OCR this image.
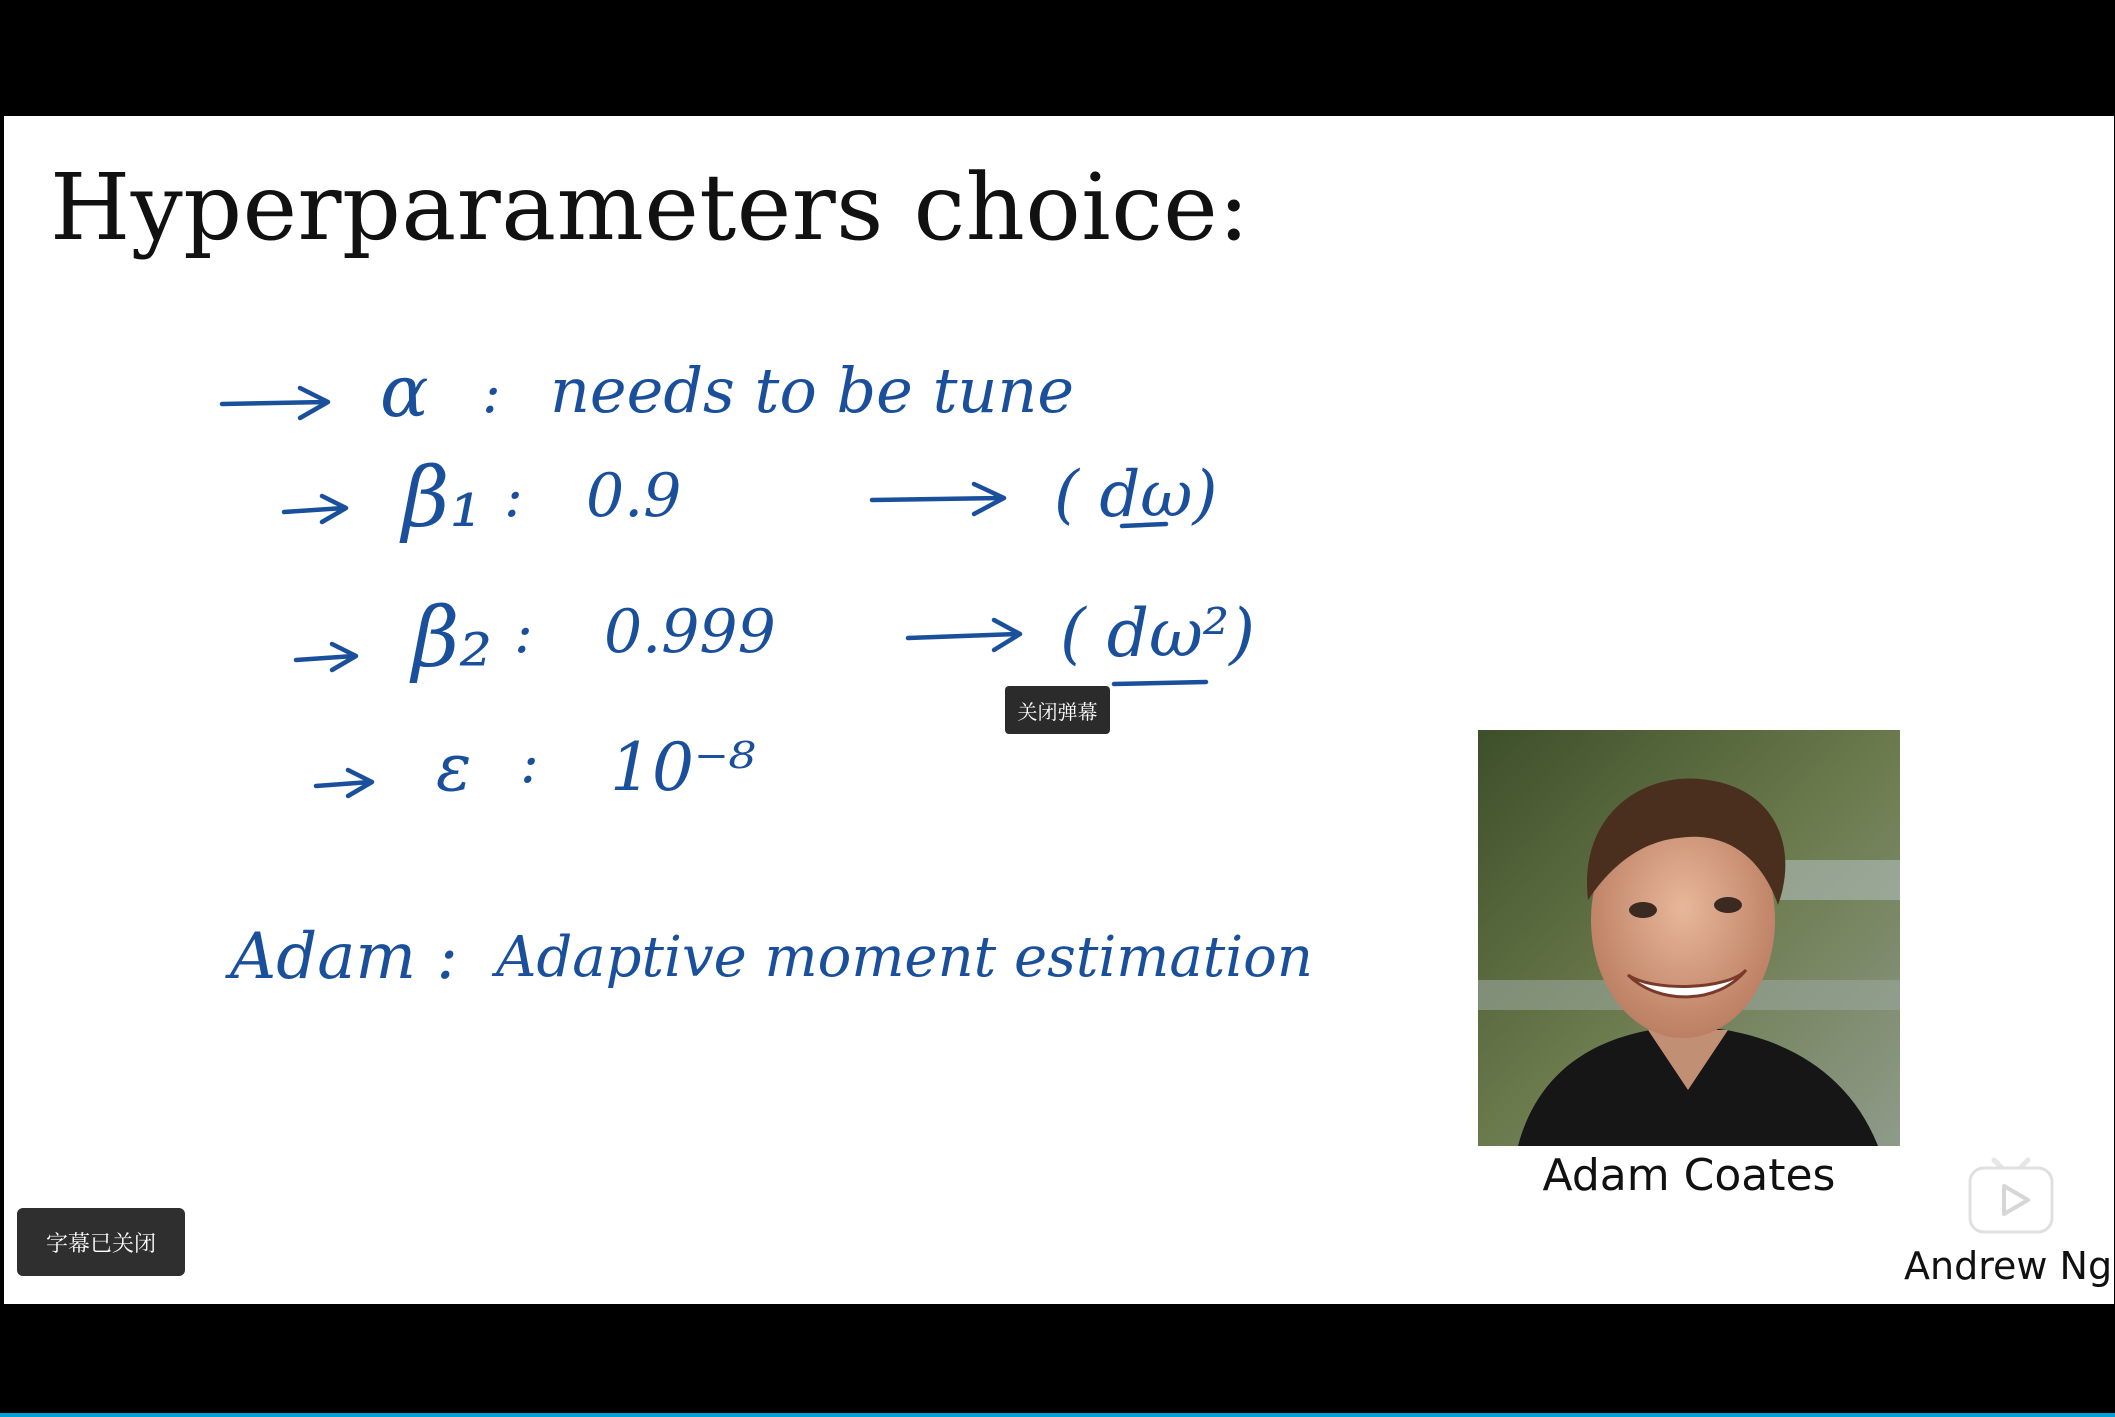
Hyperparameters choice:
α : needs to be tune
β₁ : 0.9	( dω)
β₂ : 0.999	( dω²)
ε : 10⁻⁸
Adam : Adaptive moment estimation
Adam Coates
Andrew Ng
关闭弹幕
字幕已关闭
